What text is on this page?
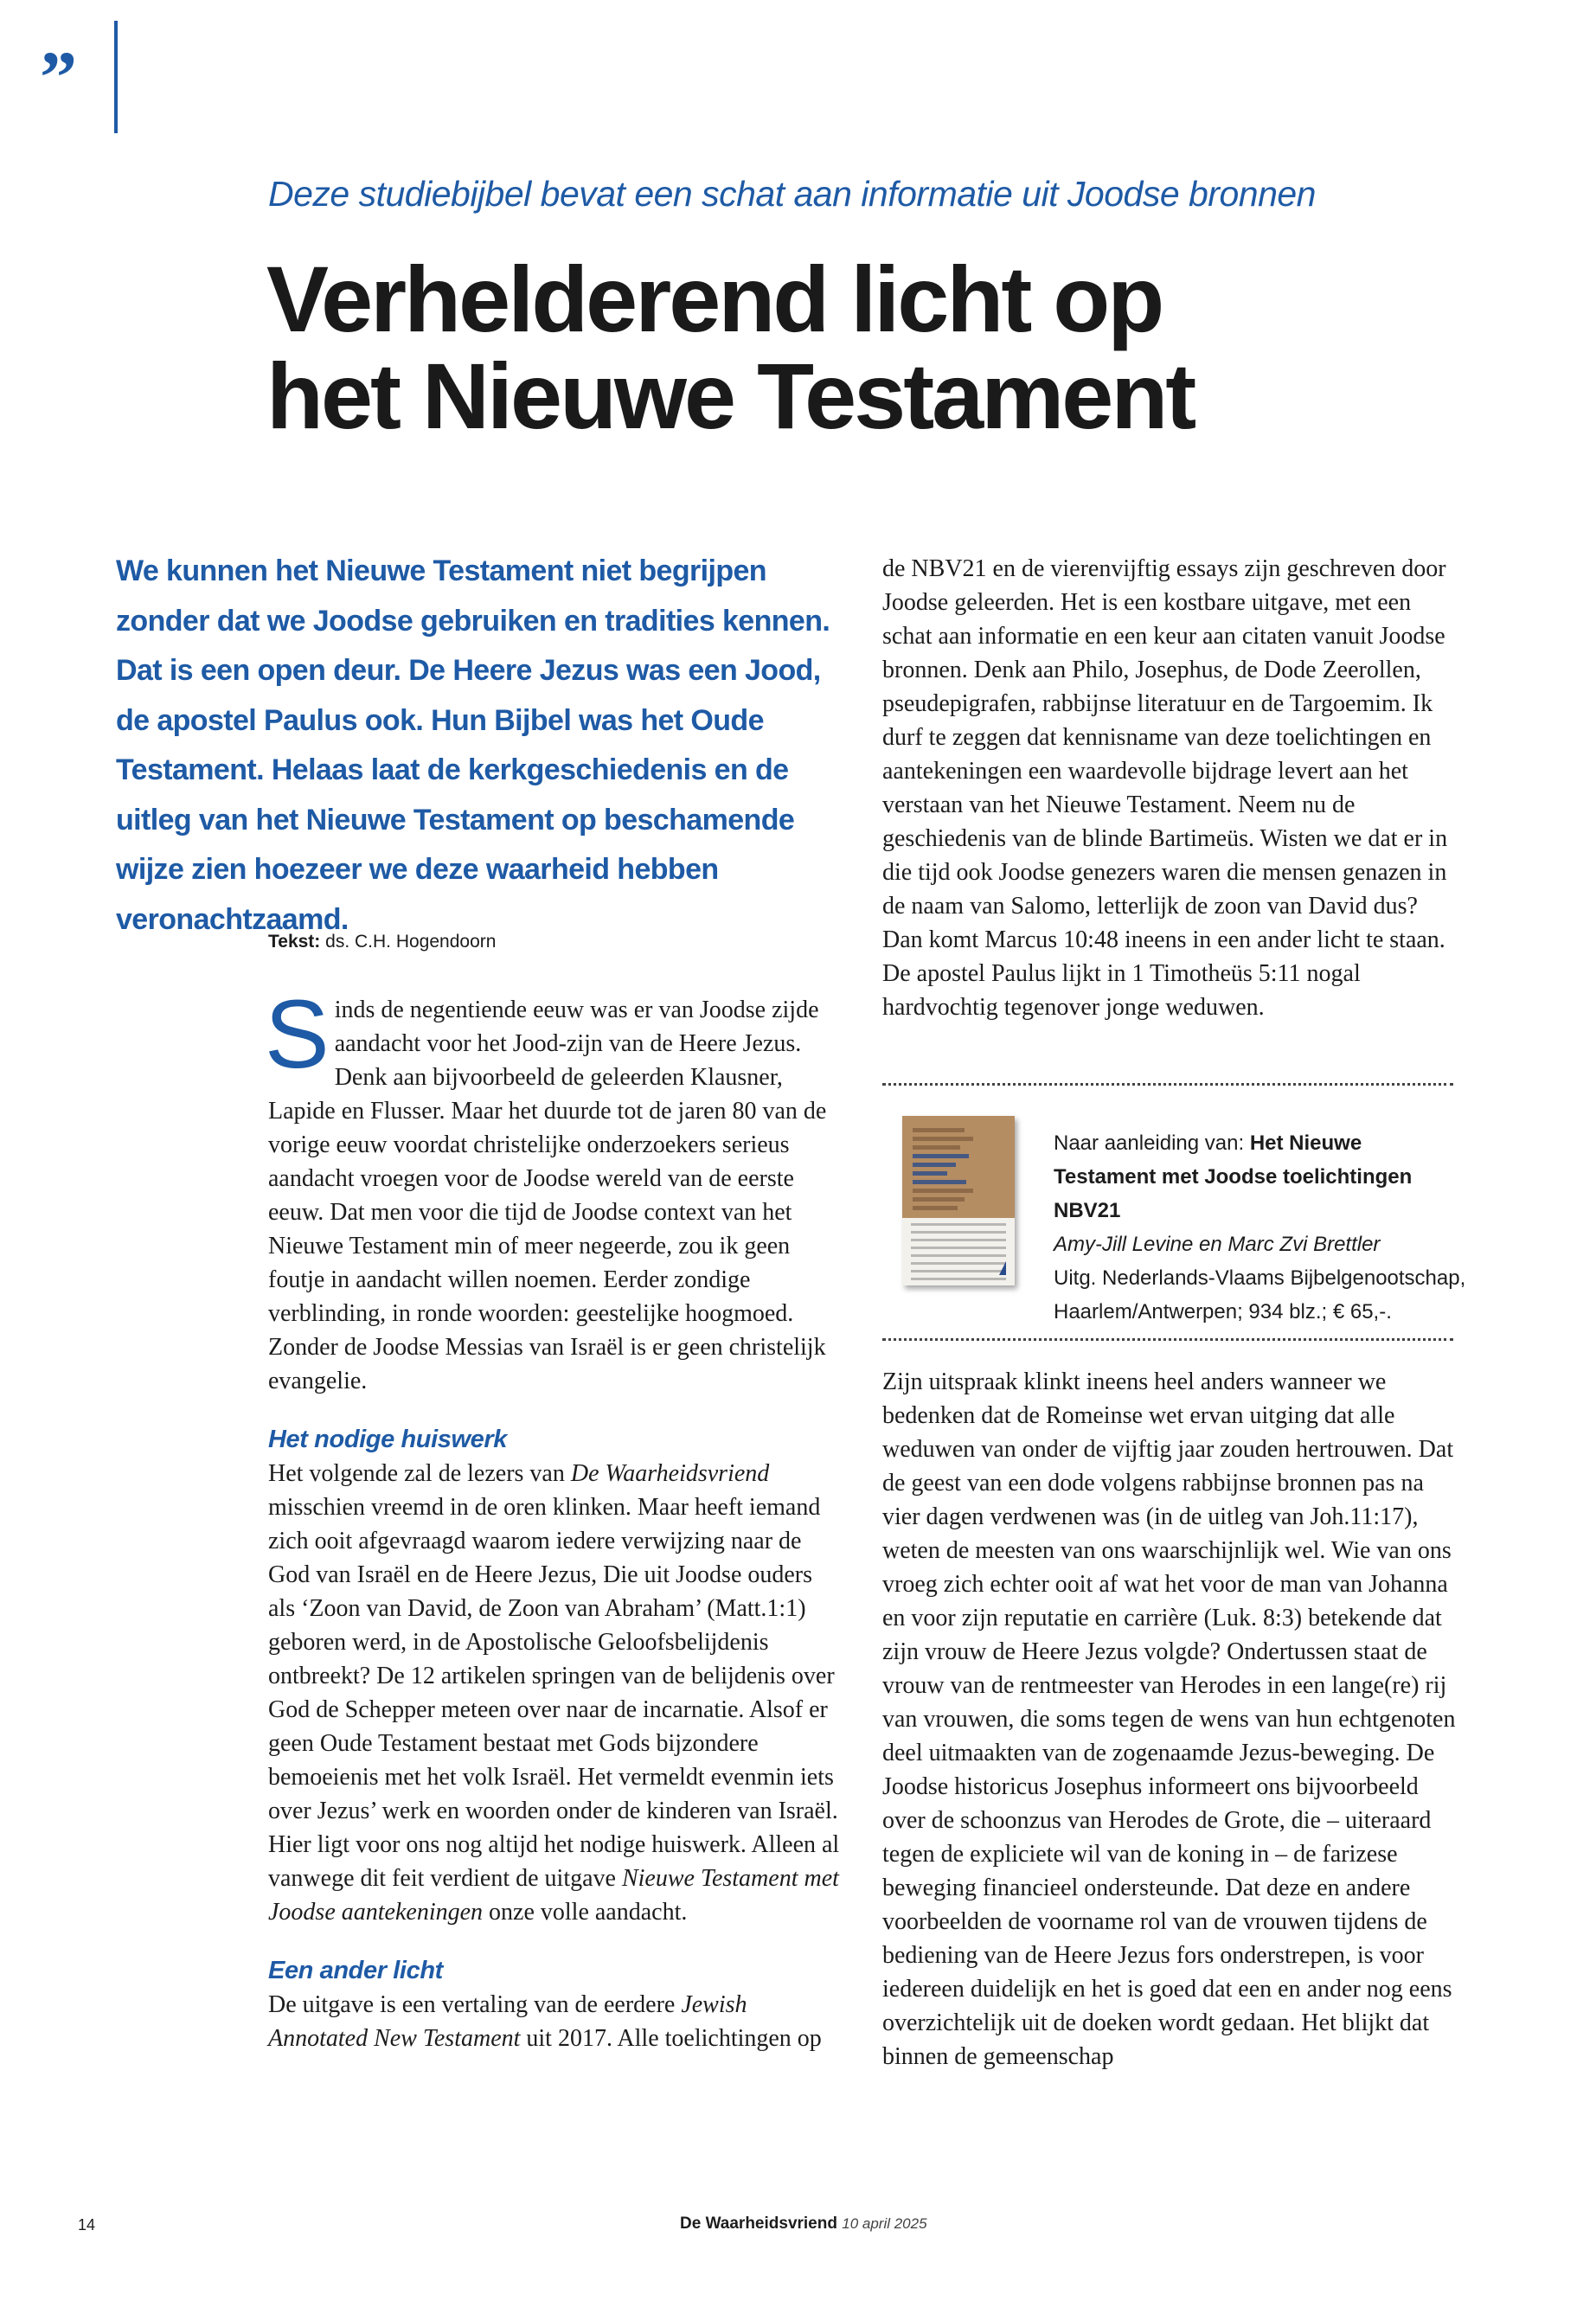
”
Deze studiebijbel bevat een schat aan informatie uit Joodse bronnen
Verhelderend licht op
het Nieuwe Testament

We kunnen het Nieuwe Testament niet begrijpen zonder dat we Joodse gebruiken en tradities kennen. Dat is een open deur. De Heere Jezus was een Jood, de apostel Paulus ook. Hun Bijbel was het Oude Testament. Helaas laat de kerkgeschiedenis en de uitleg van het Nieuwe Testament op beschamende wijze zien hoezeer we deze waarheid hebben veronachtzaamd.

Tekst: ds. C.H. Hogendoorn

Sinds de negentiende eeuw was er van Joodse zijde aandacht voor het Jood-zijn van de Heere Jezus. Denk aan bijvoorbeeld de geleerden Klausner, Lapide en Flusser. Maar het duurde tot de jaren 80 van de vorige eeuw voordat christelijke onderzoekers serieus aandacht vroegen voor de Joodse wereld van de eerste eeuw. Dat men voor die tijd de Joodse context van het Nieuwe Testament min of meer negeerde, zou ik geen foutje in aandacht willen noemen. Eerder zondige verblinding, in ronde woorden: geestelijke hoogmoed. Zonder de Joodse Messias van Israël is er geen christelijk evangelie.

Het nodige huiswerk

Het volgende zal de lezers van De Waarheidsvriend misschien vreemd in de oren klinken. Maar heeft iemand zich ooit afgevraagd waarom iedere verwijzing naar de God van Israël en de Heere Jezus, Die uit Joodse ouders als ‘Zoon van David, de Zoon van Abraham’ (Matt.1:1) geboren werd, in de Apostolische Geloofsbelijdenis ontbreekt? De 12 artikelen springen van de belijdenis over God de Schepper meteen over naar de incarnatie. Alsof er geen Oude Testament bestaat met Gods bijzondere bemoeienis met het volk Israël. Het vermeldt evenmin iets over Jezus’ werk en woorden onder de kinderen van Israël. Hier ligt voor ons nog altijd het nodige huiswerk. Alleen al vanwege dit feit verdient de uitgave Nieuwe Testament met Joodse aantekeningen onze volle aandacht.

Een ander licht

De uitgave is een vertaling van de eerdere Jewish Annotated New Testament uit 2017. Alle toelichtingen op

de NBV21 en de vierenvijftig essays zijn geschreven door Joodse geleerden. Het is een kostbare uitgave, met een schat aan informatie en een keur aan citaten vanuit Joodse bronnen. Denk aan Philo, Josephus, de Dode Zeerollen, pseudepigrafen, rabbijnse literatuur en de Targoemim. Ik durf te zeggen dat kennisname van deze toelichtingen en aantekeningen een waardevolle bijdrage levert aan het verstaan van het Nieuwe Testament. Neem nu de geschiedenis van de blinde Bartimeüs. Wisten we dat er in die tijd ook Joodse genezers waren die mensen genazen in de naam van Salomo, letterlijk de zoon van David dus? Dan komt Marcus 10:48 ineens in een ander licht te staan. De apostel Paulus lijkt in 1 Timotheüs 5:11 nogal hardvochtig tegenover jonge weduwen.

Naar aanleiding van: Het Nieuwe Testament met Joodse toelichtingen NBV21
Amy-Jill Levine en Marc Zvi Brettler
Uitg. Nederlands-Vlaams Bijbelgenootschap, Haarlem/Antwerpen; 934 blz.; € 65,-.

Zijn uitspraak klinkt ineens heel anders wanneer we bedenken dat de Romeinse wet ervan uitging dat alle weduwen van onder de vijftig jaar zouden hertrouwen. Dat de geest van een dode volgens rabbijnse bronnen pas na vier dagen verdwenen was (in de uitleg van Joh.11:17), weten de meesten van ons waarschijnlijk wel. Wie van ons vroeg zich echter ooit af wat het voor de man van Johanna en voor zijn reputatie en carrière (Luk. 8:3) betekende dat zijn vrouw de Heere Jezus volgde? Ondertussen staat de vrouw van de rentmeester van Herodes in een lange(re) rij van vrouwen, die soms tegen de wens van hun echtgenoten deel uitmaakten van de zogenaamde Jezus-beweging. De Joodse historicus Josephus informeert ons bijvoorbeeld over de schoonzus van Herodes de Grote, die – uiteraard tegen de expliciete wil van de koning in – de farizese beweging financieel ondersteunde. Dat deze en andere voorbeelden de voorname rol van de vrouwen tijdens de bediening van de Heere Jezus fors onderstrepen, is voor iedereen duidelijk en het is goed dat een en ander nog eens overzichtelijk uit de doeken wordt gedaan. Het blijkt dat binnen de gemeenschap

14	De Waarheidsvriend 10 april 2025
